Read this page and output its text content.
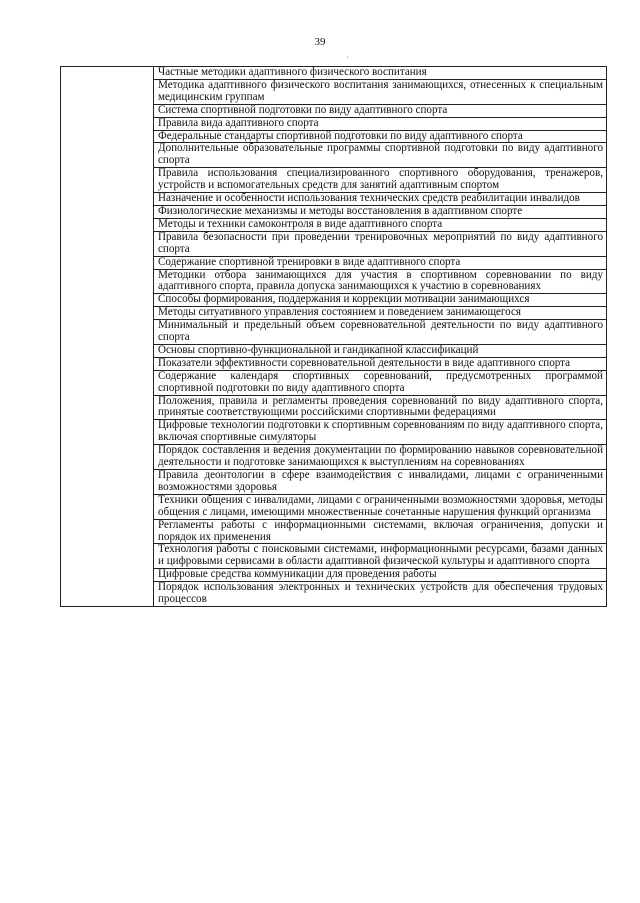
39
,
	Частные методики адаптивного физического воспитания
Методика адаптивного физического воспитания занимающихся, отнесенных к специальным медицинским группам
Система спортивной подготовки по виду адаптивного спорта
Правила вида адаптивного спорта
Федеральные стандарты спортивной подготовки по виду адаптивного спорта
Дополнительные образовательные программы спортивной подготовки по виду адаптивного спорта
Правила использования специализированного спортивного оборудования, тренажеров, устройств и вспомогательных средств для занятий адаптивным спортом
Назначение и особенности использования технических средств реабилитации инвалидов
Физиологические механизмы и методы восстановления в адаптивном спорте
Методы и техники самоконтроля в виде адаптивного спорта
Правила безопасности при проведении тренировочных мероприятий по виду адаптивного спорта
Содержание спортивной тренировки в виде адаптивного спорта
Методики отбора занимающихся для участия в спортивном соревновании по виду адаптивного спорта, правила допуска занимающихся к участию в соревнованиях
Способы формирования, поддержания и коррекции мотивации занимающихся
Методы ситуативного управления состоянием и поведением занимающегося
Минимальный и предельный объем соревновательной деятельности по виду адаптивного спорта
Основы спортивно-функциональной и гандикапной классификаций
Показатели эффективности соревновательной деятельности в виде адаптивного спорта
Содержание календаря спортивных соревнований, предусмотренных программой спортивной подготовки по виду адаптивного спорта
Положения, правила и регламенты проведения соревнований по виду адаптивного спорта, принятые соответствующими российскими спортивными федерациями
Цифровые технологии подготовки к спортивным соревнованиям по виду адаптивного спорта, включая спортивные симуляторы
Порядок составления и ведения документации по формированию навыков соревновательной деятельности и подготовке занимающихся к выступлениям на соревнованиях
Правила деонтологии в сфере взаимодействия с инвалидами, лицами с ограниченными возможностями здоровья
Техники общения с инвалидами, лицами с ограниченными возможностями здоровья, методы общения с лицами, имеющими множественные сочетанные нарушения функций организма
Регламенты работы с информационными системами, включая ограничения, допуски и порядок их применения
Технология работы с поисковыми системами, информационными ресурсами, базами данных и цифровыми сервисами в области адаптивной физической культуры и адаптивного спорта
Цифровые средства коммуникации для проведения работы
Порядок использования электронных и технических устройств для обеспечения трудовых процессов
